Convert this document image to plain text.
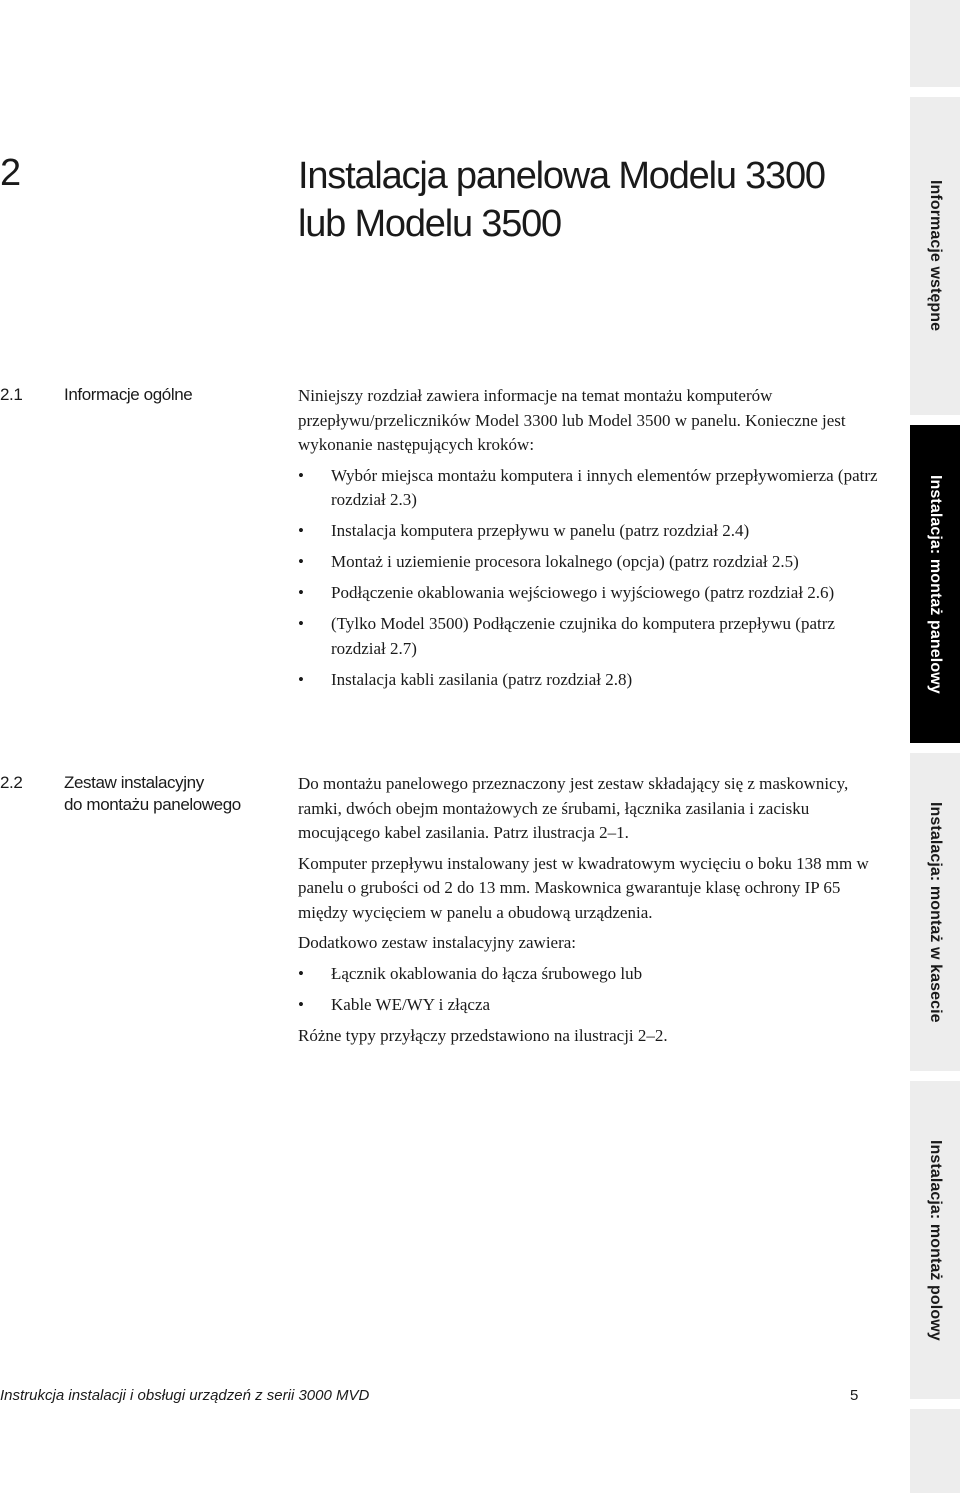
Informacje wstępne
Instalacja: montaż panelowy
Instalacja: montaż w kasecie
Instalacja: montaż polowy
2	Instalacja panelowa Modelu 3300
lub Modelu 3500
2.1 Informacje ogólne	Niniejszy rozdział zawiera informacje na temat montażu komputerów przepływu/przeliczników Model 3300 lub Model 3500 w panelu. Konieczne jest wykonanie następujących kroków:

• Wybór miejsca montażu komputera i innych elementów przepływomierza (patrz rozdział 2.3)
• Instalacja komputera przepływu w panelu (patrz rozdział 2.4)
• Montaż i uziemienie procesora lokalnego (opcja) (patrz rozdział 2.5)
• Podłączenie okablowania wejściowego i wyjściowego (patrz rozdział 2.6)
• (Tylko Model 3500) Podłączenie czujnika do komputera przepływu (patrz rozdział 2.7)
• Instalacja kabli zasilania (patrz rozdział 2.8)
2.2 Zestaw instalacyjny
do montażu panelowego

Do montażu panelowego przeznaczony jest zestaw składający się z maskownicy, ramki, dwóch obejm montażowych ze śrubami, łącznika zasilania i zacisku mocującego kabel zasilania. Patrz ilustracja 2–1.

Komputer przepływu instalowany jest w kwadratowym wycięciu o boku 138 mm w panelu o grubości od 2 do 13 mm. Maskownica gwarantuje klasę ochrony IP 65 między wycięciem w panelu a obudową urządzenia.

Dodatkowo zestaw instalacyjny zawiera:

• Łącznik okablowania do łącza śrubowego lub
• Kable WE/WY i złącza

Różne typy przyłączy przedstawiono na ilustracji 2–2.

Instrukcja instalacji i obsługi urządzeń z serii 3000 MVD	5
